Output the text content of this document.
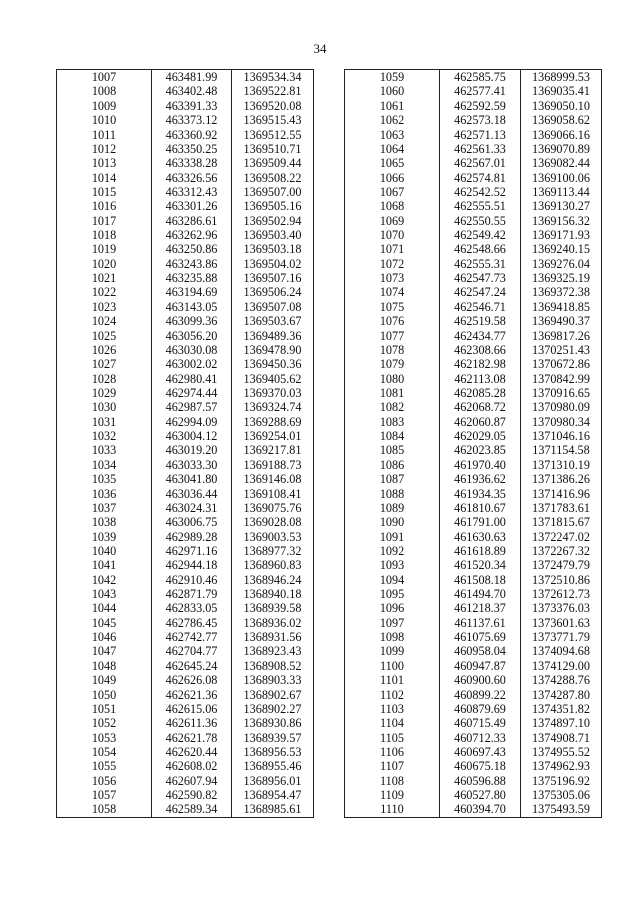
34
1007	463481.99	1369534.34
1008	463402.48	1369522.81
1009	463391.33	1369520.08
1010	463373.12	1369515.43
1011	463360.92	1369512.55
1012	463350.25	1369510.71
1013	463338.28	1369509.44
1014	463326.56	1369508.22
1015	463312.43	1369507.00
1016	463301.26	1369505.16
1017	463286.61	1369502.94
1018	463262.96	1369503.40
1019	463250.86	1369503.18
1020	463243.86	1369504.02
1021	463235.88	1369507.16
1022	463194.69	1369506.24
1023	463143.05	1369507.08
1024	463099.36	1369503.67
1025	463056.20	1369489.36
1026	463030.08	1369478.90
1027	463002.02	1369450.36
1028	462980.41	1369405.62
1029	462974.44	1369370.03
1030	462987.57	1369324.74
1031	462994.09	1369288.69
1032	463004.12	1369254.01
1033	463019.20	1369217.81
1034	463033.30	1369188.73
1035	463041.80	1369146.08
1036	463036.44	1369108.41
1037	463024.31	1369075.76
1038	463006.75	1369028.08
1039	462989.28	1369003.53
1040	462971.16	1368977.32
1041	462944.18	1368960.83
1042	462910.46	1368946.24
1043	462871.79	1368940.18
1044	462833.05	1368939.58
1045	462786.45	1368936.02
1046	462742.77	1368931.56
1047	462704.77	1368923.43
1048	462645.24	1368908.52
1049	462626.08	1368903.33
1050	462621.36	1368902.67
1051	462615.06	1368902.27
1052	462611.36	1368930.86
1053	462621.78	1368939.57
1054	462620.44	1368956.53
1055	462608.02	1368955.46
1056	462607.94	1368956.01
1057	462590.82	1368954.47
1058	462589.34	1368985.61
1059	462585.75	1368999.53
1060	462577.41	1369035.41
1061	462592.59	1369050.10
1062	462573.18	1369058.62
1063	462571.13	1369066.16
1064	462561.33	1369070.89
1065	462567.01	1369082.44
1066	462574.81	1369100.06
1067	462542.52	1369113.44
1068	462555.51	1369130.27
1069	462550.55	1369156.32
1070	462549.42	1369171.93
1071	462548.66	1369240.15
1072	462555.31	1369276.04
1073	462547.73	1369325.19
1074	462547.24	1369372.38
1075	462546.71	1369418.85
1076	462519.58	1369490.37
1077	462434.77	1369817.26
1078	462308.66	1370251.43
1079	462182.98	1370672.86
1080	462113.08	1370842.99
1081	462085.28	1370916.65
1082	462068.72	1370980.09
1083	462060.87	1370980.34
1084	462029.05	1371046.16
1085	462023.85	1371154.58
1086	461970.40	1371310.19
1087	461936.62	1371386.26
1088	461934.35	1371416.96
1089	461810.67	1371783.61
1090	461791.00	1371815.67
1091	461630.63	1372247.02
1092	461618.89	1372267.32
1093	461520.34	1372479.79
1094	461508.18	1372510.86
1095	461494.70	1372612.73
1096	461218.37	1373376.03
1097	461137.61	1373601.63
1098	461075.69	1373771.79
1099	460958.04	1374094.68
1100	460947.87	1374129.00
1101	460900.60	1374288.76
1102	460899.22	1374287.80
1103	460879.69	1374351.82
1104	460715.49	1374897.10
1105	460712.33	1374908.71
1106	460697.43	1374955.52
1107	460675.18	1374962.93
1108	460596.88	1375196.92
1109	460527.80	1375305.06
1110	460394.70	1375493.59
